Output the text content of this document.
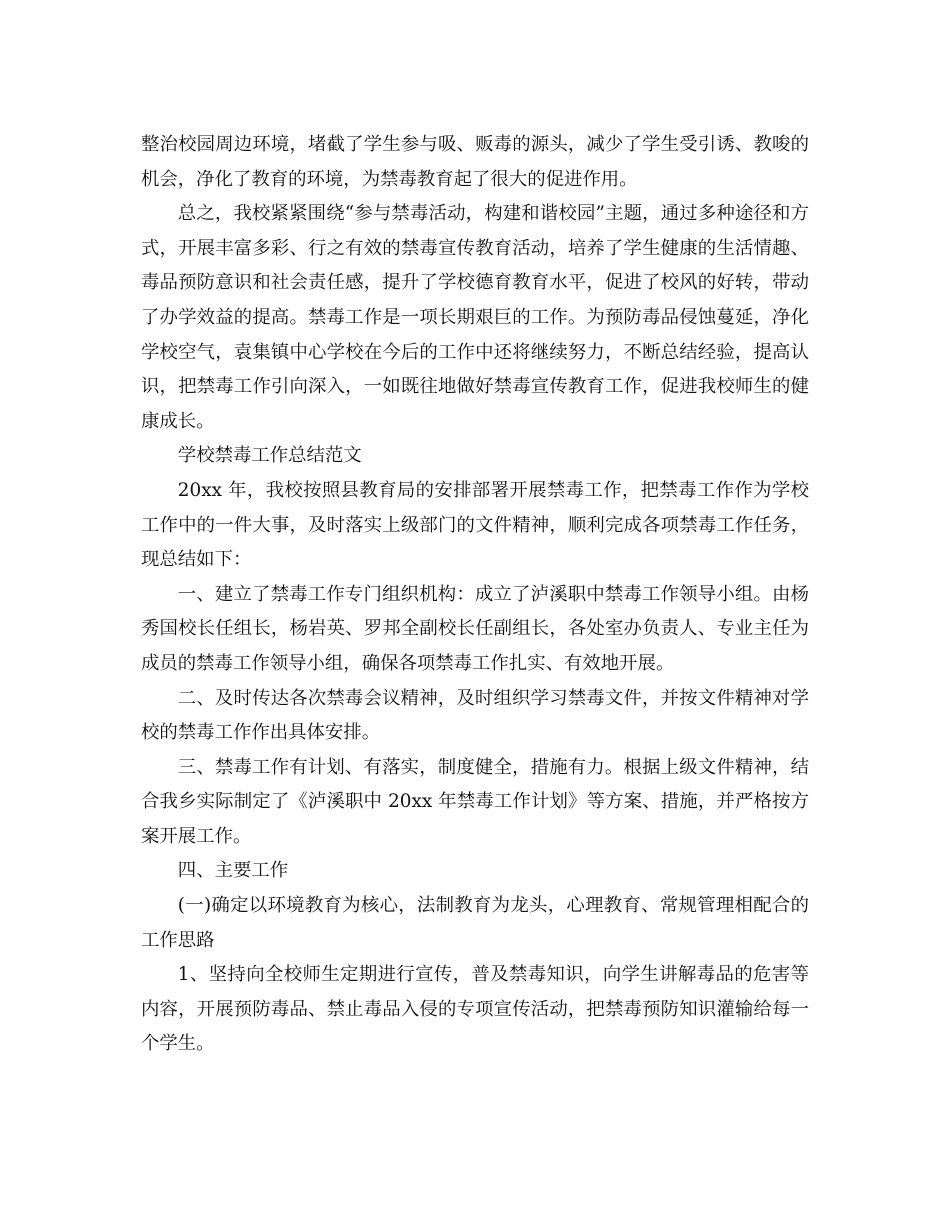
整治校园周边环境，堵截了学生参与吸、贩毒的源头，减少了学生受引诱、教唆的机会，净化了教育的环境，为禁毒教育起了很大的促进作用。

总之，我校紧紧围绕“参与禁毒活动，构建和谐校园”主题，通过多种途径和方式，开展丰富多彩、行之有效的禁毒宣传教育活动，培养了学生健康的生活情趣、毒品预防意识和社会责任感，提升了学校德育教育水平，促进了校风的好转，带动了办学效益的提高。禁毒工作是一项长期艰巨的工作。为预防毒品侵蚀蔓延，净化学校空气，袁集镇中心学校在今后的工作中还将继续努力，不断总结经验，提高认识，把禁毒工作引向深入，一如既往地做好禁毒宣传教育工作，促进我校师生的健康成长。

学校禁毒工作总结范文

20xx 年，我校按照县教育局的安排部署开展禁毒工作，把禁毒工作作为学校工作中的一件大事，及时落实上级部门的文件精神，顺利完成各项禁毒工作任务，现总结如下：

一、建立了禁毒工作专门组织机构：成立了泸溪职中禁毒工作领导小组。由杨秀国校长任组长，杨岩英、罗邦全副校长任副组长，各处室办负责人、专业主任为成员的禁毒工作领导小组，确保各项禁毒工作扎实、有效地开展。

二、及时传达各次禁毒会议精神，及时组织学习禁毒文件，并按文件精神对学校的禁毒工作作出具体安排。

三、禁毒工作有计划、有落实，制度健全，措施有力。根据上级文件精神，结合我乡实际制定了《泸溪职中 20xx 年禁毒工作计划》等方案、措施，并严格按方案开展工作。

四、主要工作

(一)确定以环境教育为核心，法制教育为龙头，心理教育、常规管理相配合的工作思路

1、坚持向全校师生定期进行宣传，普及禁毒知识，向学生讲解毒品的危害等内容，开展预防毒品、禁止毒品入侵的专项宣传活动，把禁毒预防知识灌输给每一个学生。
